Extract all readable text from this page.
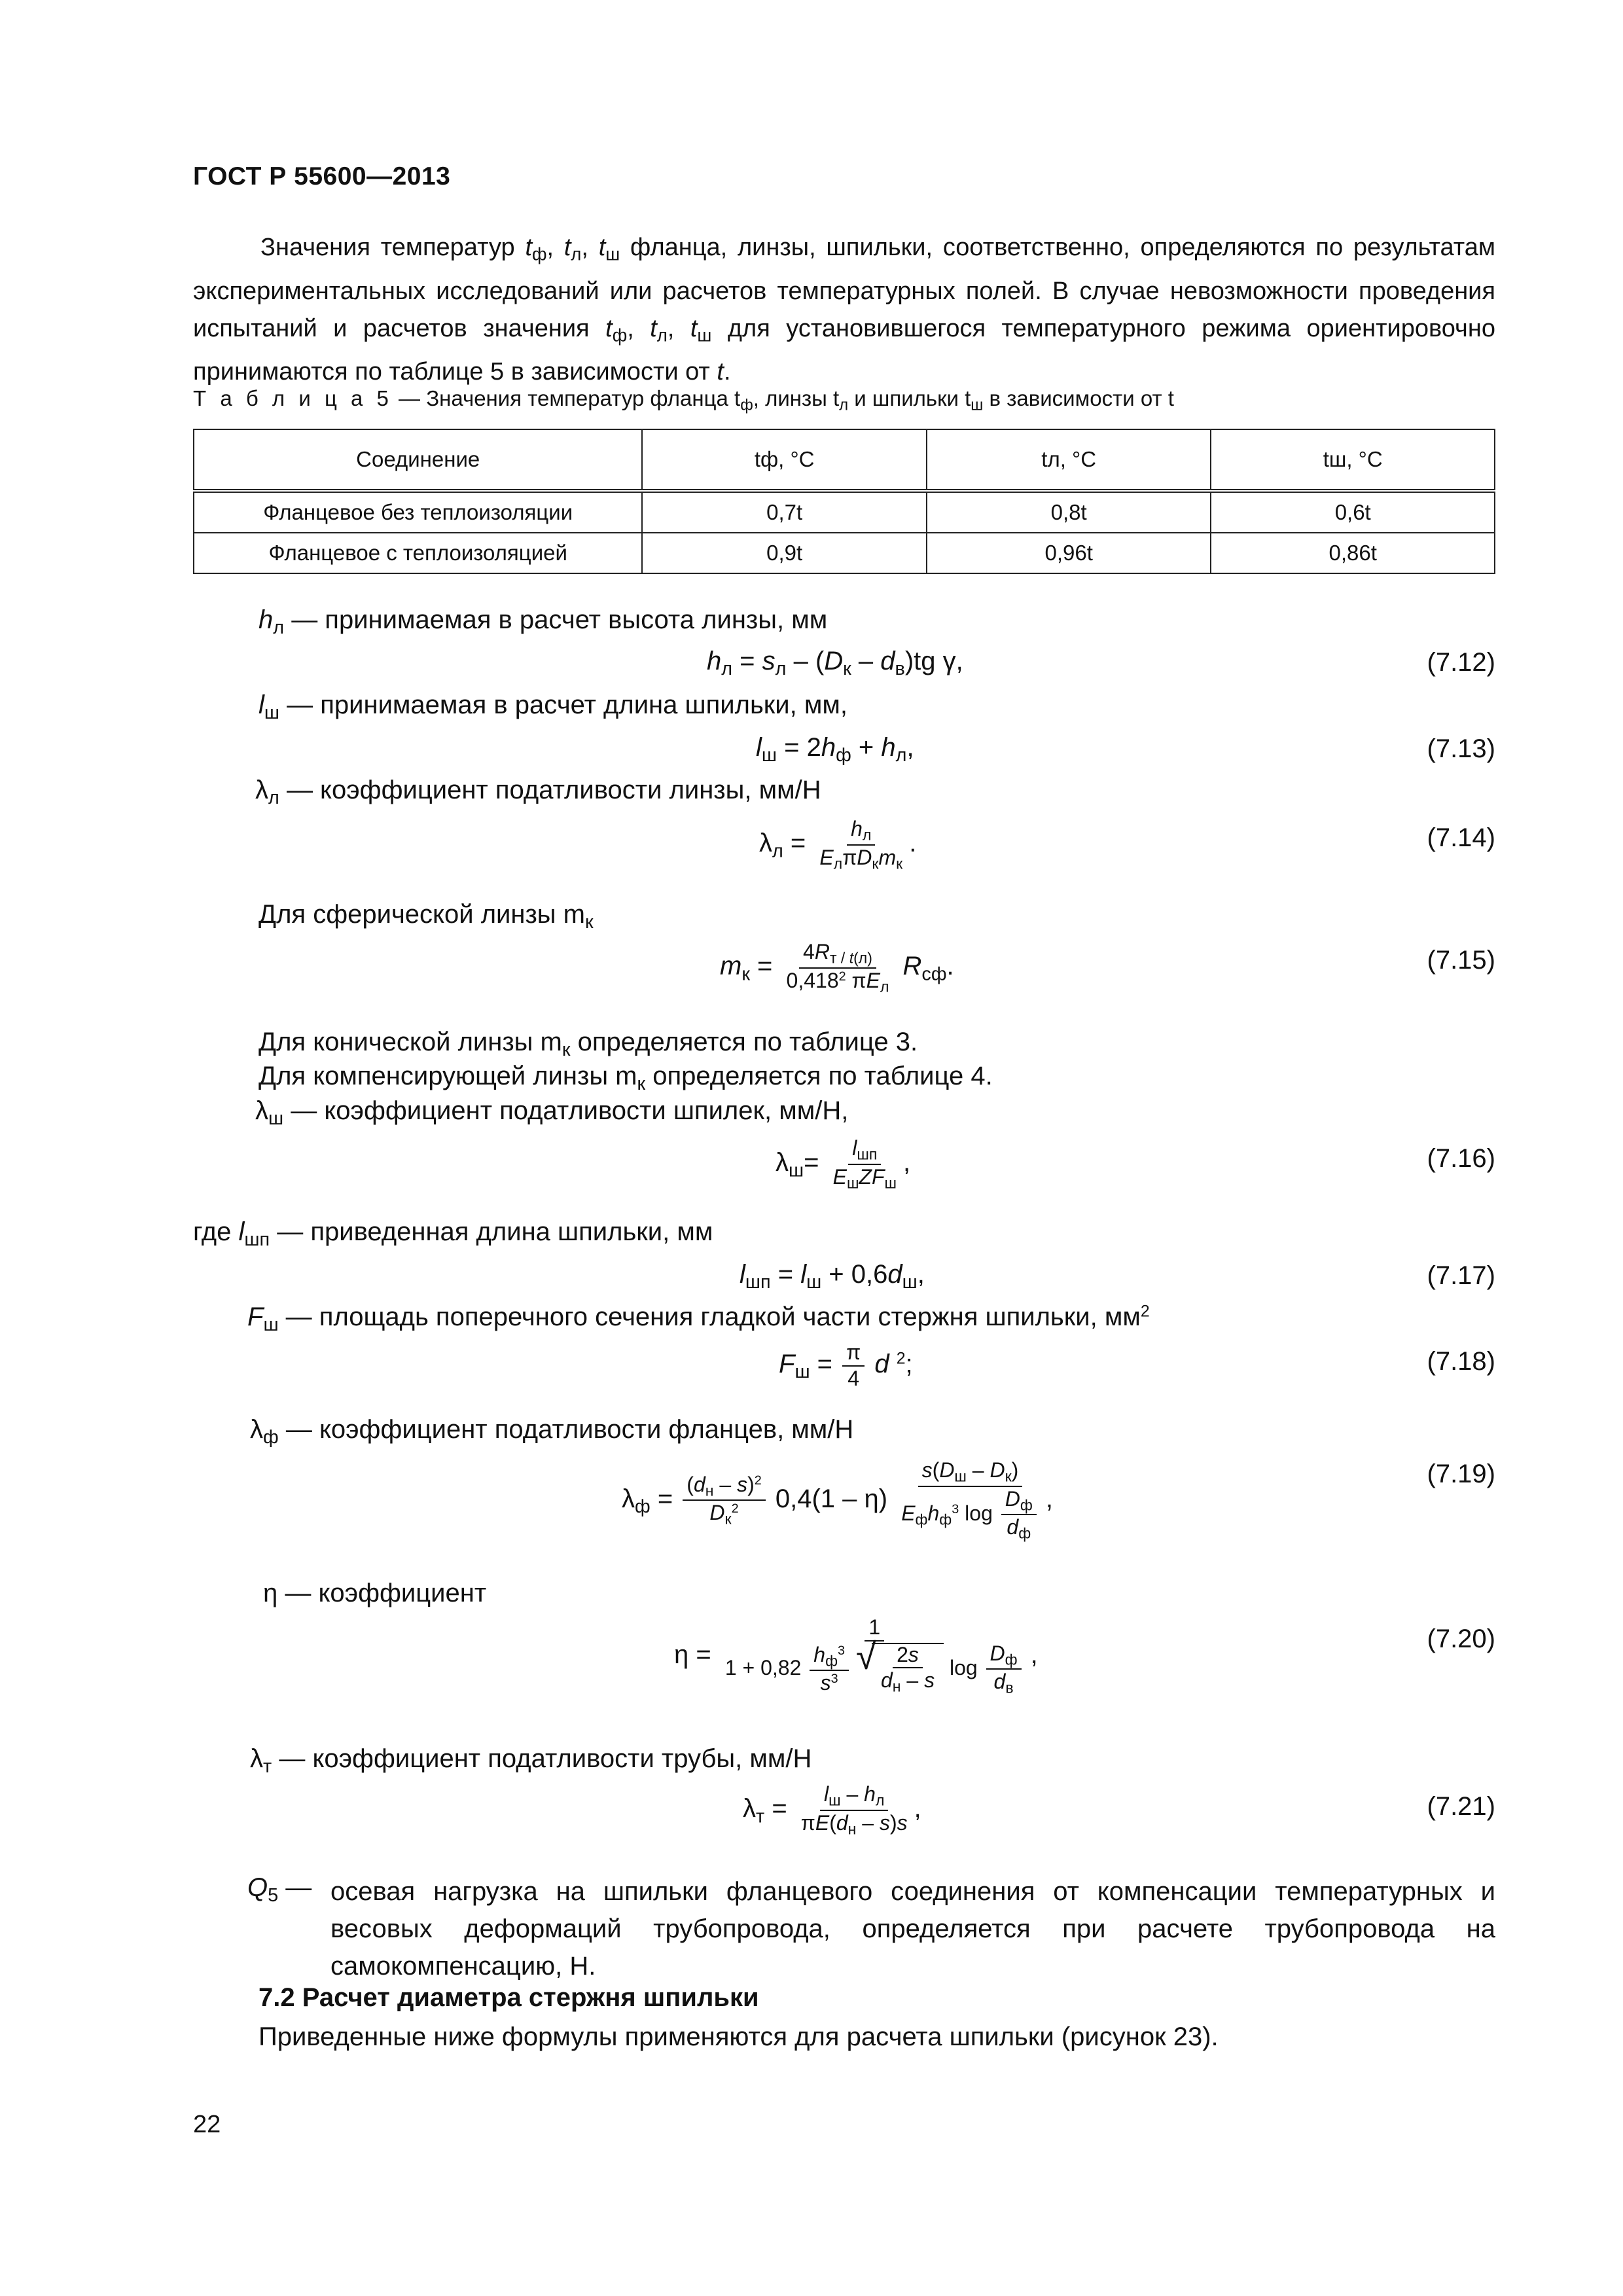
ГОСТ Р 55600—2013

Значения температур $t_ф$, $t_л$, $t_ш$ фланца, линзы, шпильки, соответственно, определяются по результатам экспериментальных исследований или расчетов температурных полей. В случае невозможности проведения испытаний и расчетов значения $t_ф$, $t_л$, $t_ш$ для установившегося температурного режима ориентировочно принимаются по таблице 5 в зависимости от t.

Т а б л и ц а 5 — Значения температур фланца $t_ф$, линзы $t_л$ и шпильки $t_ш$ в зависимости от t
Соединение	tф, °C	tл, °C	tш, °C
Фланцевое без теплоизоляции	0,7t	0,8t	0,6t
Фланцевое с теплоизоляцией	0,9t	0,96t	0,86t
$h_л$ — принимаемая в расчет высота линзы, мм
$h_л = s_л - (D_к - d_в)tg$ γ,	(7.12)
$l_ш$ — принимаемая в расчет длина шпильки, мм,
$l_ш = 2h_ф + h_л$,	(7.13)
$\lambda_л$ — коэффициент податливости линзы, мм/Н
$\lambda_л = \frac{h_л}{E_л\pi D_кm_к}$ .	(7.14)
Для сферической линзы $m_к$
$m_к = \frac{4R_{т / t(л)}}{0,418^2 \pi E_л} R_{сф}$.	(7.15)
Для конической линзы $m_к$ определяется по таблице 3.
Для компенсирующей линзы $m_к$ определяется по таблице 4.
$\lambda_ш$ — коэффициент податливости шпилек, мм/Н,
$\lambda_ш= \frac{l_{шп}}{E_шZF_ш}$ ,	(7.16)
где $l_{шп}$ — приведенная длина шпильки, мм
$l_{шп} = l_ш + 0,6d_ш$,	(7.17)
$F_ш$ — площадь поперечного сечения гладкой части стержня шпильки, $мм^2$
$F_ш = \frac{\pi}{4}$ d $^2$;	(7.18)
$\lambda_ф$ — коэффициент податливости фланцев, мм/Н
$\lambda_ф = \frac{(d_н - s)^2}{D_к^2} 0,4(1 - \eta) \frac{s(D_ш - D_к)}{E_фh_ф^3 \log \frac{D_ф}{d_ф}}$ ,
(7.19)
η — коэффициент
η = 1
$1 + 0,82 \frac{h_ф^3}{s^3}$
√ $\frac{2s}{d_н - s}$ $\log \frac{D_ф}{d_в}$ ,
(7.20)
$\lambda_т$ — коэффициент податливости трубы, мм/Н
$\lambda_т = \frac{l_ш - h_л}{\pi E(d_н - s)s}$ ,	(7.21)
$Q_5$ — осевая нагрузка на шпильки фланцевого соединения от компенсации температурных и весовых деформаций трубопровода, определяется при расчете трубопровода на самокомпенсацию, Н.
7.2 Расчет диаметра стержня шпильки
Приведенные ниже формулы применяются для расчета шпильки (рисунок 23).
22
